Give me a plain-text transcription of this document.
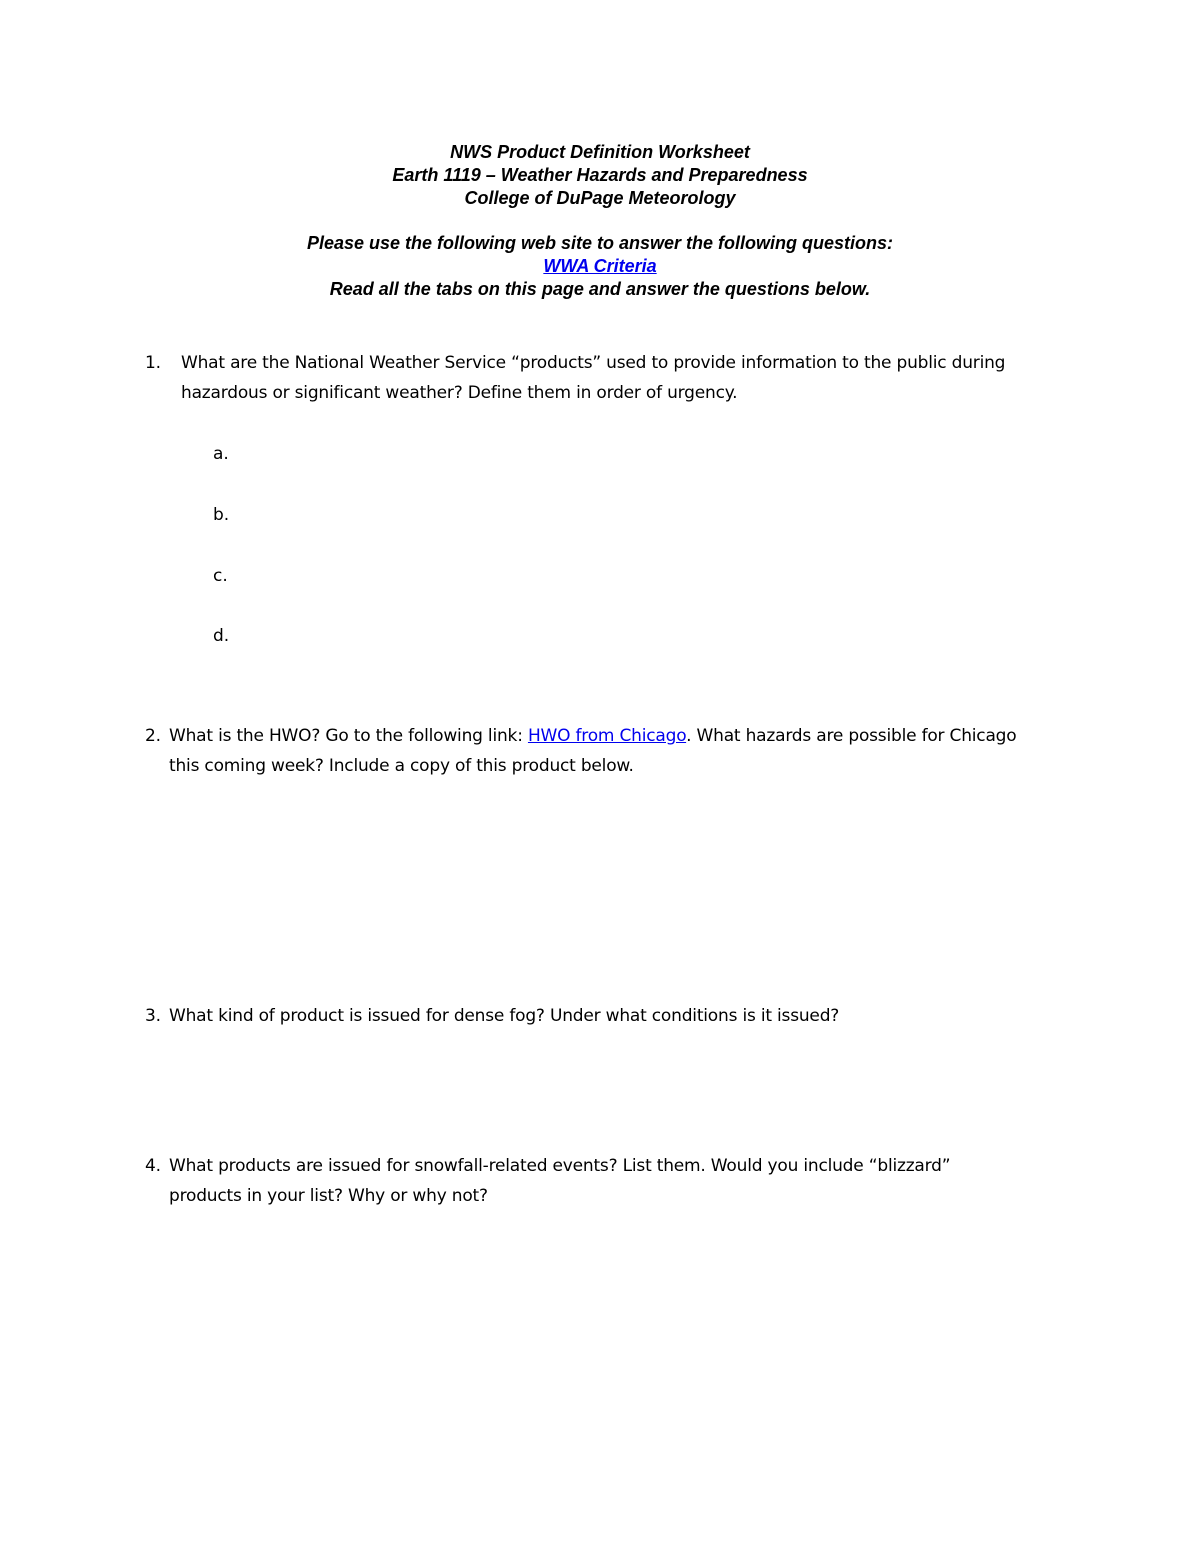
NWS Product Definition Worksheet
Earth 1119 – Weather Hazards and Preparedness
College of DuPage Meteorology
Please use the following web site to answer the following questions:
WWA Criteria
Read all the tabs on this page and answer the questions below.
1. What are the National Weather Service “products” used to provide information to the public during
hazardous or significant weather? Define them in order of urgency.
a.
b.
c.
d.
2. What is the HWO? Go to the following link: HWO from Chicago. What hazards are possible for Chicago
this coming week? Include a copy of this product below.
3. What kind of product is issued for dense fog? Under what conditions is it issued?
4. What products are issued for snowfall-related events? List them. Would you include “blizzard”
products in your list? Why or why not?
